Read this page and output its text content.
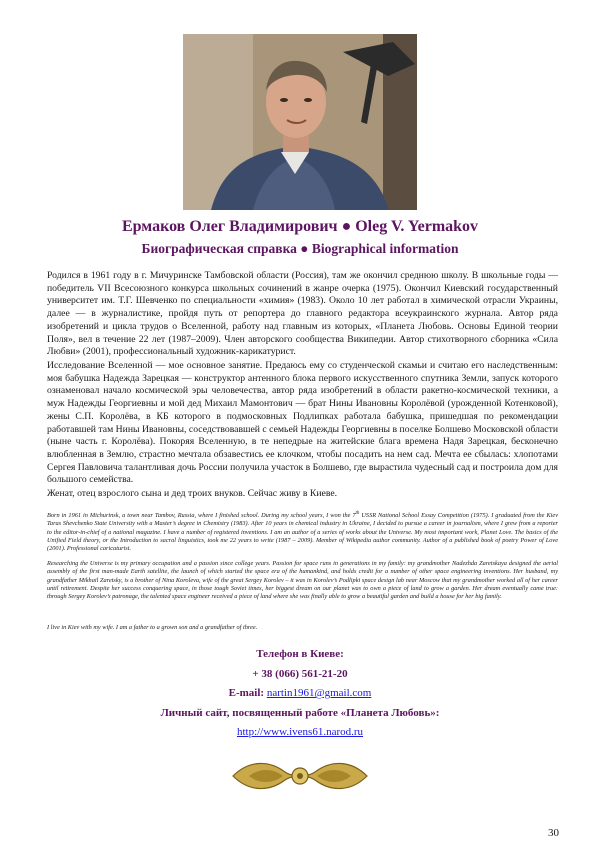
Ермаков Олег Владимирович ● Oleg V. Yermakov
Биографическая справка ● Biographical information

Родился в 1961 году в г. Мичуринске Тамбовской области (Россия), там же окончил среднюю школу. В школьные годы — победитель VII Всесоюзного конкурса школьных сочинений в жанре очерка (1975). Окончил Киевский государственный университет им. Т.Г. Шевченко по специальности «химия» (1983). Около 10 лет работал в химической отрасли Украины, далее — в журналистике, пройдя путь от репортера до главного редактора всеукраинского журнала. Автор ряда изобретений и цикла трудов о Вселенной, работу над главным из которых, «Планета Любовь. Основы Единой теории Поля», вел в течение 22 лет (1987–2009). Член авторского сообщества Википедии. Автор стихотворного сборника «Сила Любви» (2001), профессиональный художник-карикатурист.

Исследование Вселенной — мое основное занятие. Предаюсь ему со студенческой скамьи и считаю его наследственным: моя бабушка Надежда Зарецкая — конструктор антенного блока первого искусственного спутника Земли, запуск которого ознаменовал начало космической эры человечества, автор ряда изобретений в области ракетно-космической техники, а муж Надежды Георгиевны и мой дед Михаил Мамонтович — брат Нины Ивановны Королёвой (урожденной Котенковой), жены С.П. Королёва, в КБ которого в подмосковных Подлипках работала бабушка, пришедшая по рекомендации работавшей там Нины Ивановны, соседствовавшей с семьей Надежды Георгиевны в поселке Болшево Московской области (ныне часть г. Королёва). Покоряя Вселенную, в те непедрые на житейские блага времена Надя Зарецкая, бесконечно влюбленная в Землю, страстно мечтала обзавестись ее клочком, чтобы посадить на нем сад. Мечта ее сбылась: хлопотами Сергея Павловича талантливая дочь России получила участок в Болшево, где вырастила чудесный сад и построила дом для большого семейства.

Женат, отец взрослого сына и дед троих внуков. Сейчас живу в Киеве.

Born in 1961 in Michurinsk, a town near Tambov, Russia, where I finished school. During my school years, I won the 7th USSR National School Essay Competition (1975). I graduated from the Kiev Taras Shevchenko State University with a Master’s degree in Chemistry (1983). After 10 years in chemical industry in Ukraine, I decided to pursue a career in journalism, where I grew from a reporter to the editor-in-chief of a national magazine. I have a number of registered inventions. I am an author of a series of works about the Universe. My most important work, Planet Love. The basics of the Unified Field theory, or the Introduction to sacral linguistics, took me 22 years to write (1987 – 2009). Member of Wikipedia author community. Author of a published book of poetry Power of Love (2001). Professional caricaturist.

Researching the Universe is my primary occupation and a passion since college years. Passion for space runs in generations in my family: my grandmother Nadezhda Zaretskaya designed the aerial assembly of the first man-made Earth satellite, the launch of which started the space era of the humankind, and holds credit for a number of other space engineering inventions. Her husband, my grandfather Mikhail Zaretsky, is a brother of Nina Koroleva, wife of the great Sergey Korolev – it was in Korolev’s Podlipki space design lab near Moscow that my grandmother worked all of her career until retirement. Despite her success conquering space, in those tough Soviet times, her biggest dream on our planet was to own a piece of land to grow a garden. Her dream eventually came true: through Sergey Korolev’s patronage, the talented space engineer received a piece of land where she was finally able to grow a beautiful garden and build a house for her big family.

I live in Kiev with my wife. I am a father to a grown son and a grandfather of three.

Телефон в Киеве:
+ 38 (066) 561-21-20
E-mail: nartin1961@gmail.com
Личный сайт, посвященный работе «Планета Любовь»:
http://www.ivens61.narod.ru
30
